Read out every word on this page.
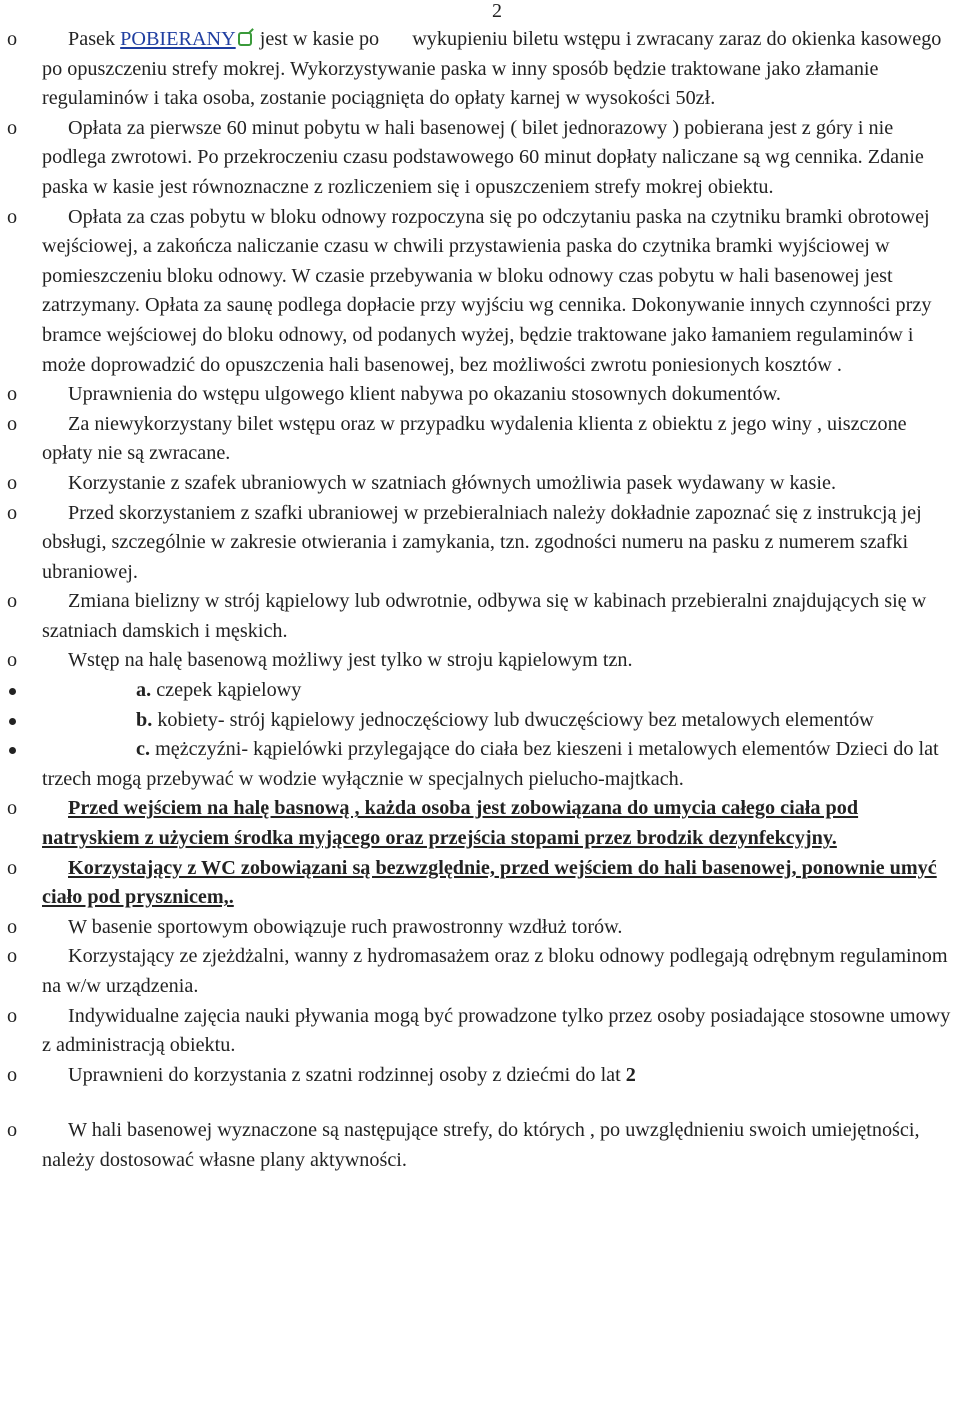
2
o	Pasek POBIERANY jest w kasie po wykupieniu biletu wstępu i zwracany zaraz do okienka kasowego po opuszczeniu strefy mokrej. Wykorzystywanie paska w inny sposób będzie traktowane jako złamanie regulaminów i taka osoba, zostanie pociągnięta do opłaty karnej w wysokości 50zł.
o	Opłata za pierwsze 60 minut pobytu w hali basenowej ( bilet jednorazowy ) pobierana jest z góry i nie podlega zwrotowi. Po przekroczeniu czasu podstawowego 60 minut dopłaty naliczane są wg cennika. Zdanie paska w kasie jest równoznaczne z rozliczeniem się i opuszczeniem strefy mokrej obiektu.
o	Opłata za czas pobytu w bloku odnowy rozpoczyna się po odczytaniu paska na czytniku bramki obrotowej wejściowej, a zakończa naliczanie czasu w chwili przystawienia paska do czytnika bramki wyjściowej w pomieszczeniu bloku odnowy. W czasie przebywania w bloku odnowy czas pobytu w hali basenowej jest zatrzymany. Opłata za saunę podlega dopłacie przy wyjściu wg cennika. Dokonywanie innych czynności przy bramce wejściowej do bloku odnowy, od podanych wyżej, będzie traktowane jako łamaniem regulaminów i może doprowadzić do opuszczenia hali basenowej, bez możliwości zwrotu poniesionych kosztów .
o	Uprawnienia do wstępu ulgowego klient nabywa po okazaniu stosownych dokumentów.
o	Za niewykorzystany bilet wstępu oraz w przypadku wydalenia klienta z obiektu z jego winy , uiszczone opłaty nie są zwracane.
o	Korzystanie z szafek ubraniowych w szatniach głównych umożliwia pasek wydawany w kasie.
o	Przed skorzystaniem z szafki ubraniowej w przebieralniach należy dokładnie zapoznać się z instrukcją jej obsługi, szczególnie w zakresie otwierania i zamykania, tzn. zgodności numeru na pasku z numerem szafki ubraniowej.
o	Zmiana bielizny w strój kąpielowy lub odwrotnie, odbywa się w kabinach przebieralni znajdujących się w szatniach damskich i męskich.
o	Wstęp na halę basenową możliwy jest tylko w stroju kąpielowym tzn.
a. czepek kąpielowy
b. kobiety- strój kąpielowy jednoczęściowy lub dwuczęściowy bez metalowych elementów
c. mężczyźni- kąpielówki przylegające do ciała bez kieszeni i metalowych elementów Dzieci do lat trzech mogą przebywać w wodzie wyłącznie w specjalnych pielucho-majtkach.
o	Przed wejściem na halę basnową , każda osoba jest zobowiązana do umycia całego ciała pod natryskiem z użyciem środka myjącego oraz przejścia stopami przez brodzik dezynfekcyjny.
o	Korzystający z WC zobowiązani są bezwzględnie, przed wejściem do hali basenowej, ponownie umyć ciało pod prysznicem,.
o	W basenie sportowym obowiązuje ruch prawostronny wzdłuż torów.
o	Korzystający ze zjeżdżalni, wanny z hydromasażem oraz z bloku odnowy podlegają odrębnym regulaminom na w/w urządzenia.
o	Indywidualne zajęcia nauki pływania mogą być prowadzone tylko przez osoby posiadające stosowne umowy z administracją obiektu.
o	Uprawnieni do korzystania z szatni rodzinnej osoby z dziećmi do lat 2
o	W hali basenowej wyznaczone są następujące strefy, do których , po uwzględnieniu swoich umiejętności, należy dostosować własne plany aktywności.
